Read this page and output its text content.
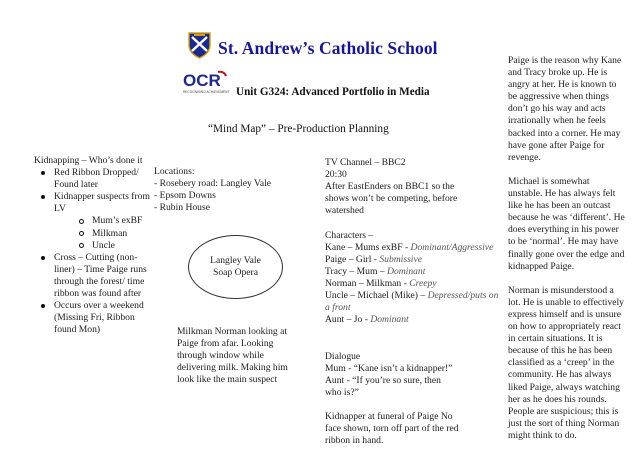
St. Andrew’s Catholic School
OCR
RECOGNISING ACHIEVEMENT Unit G324: Advanced Portfolio in Media
“Mind Map” – Pre-Production Planning
Kidnapping – Who’s done it
Red Ribbon Dropped/ Found later
Kidnapper suspects from LV
Mum’s exBF
Milkman
Uncle
Cross – Cutting (non-liner) – Time Paige runs through the forest/ time ribbon was found after
Occurs over a weekend (Missing Fri, Ribbon found Mon)
Locations:
- Rosebery road: Langley Vale
- Epsom Downs
- Rubin House
Langley Vale
Soap Opera
Milkman Norman looking at Paige from afar. Looking through window while delivering milk. Making him look like the main suspect
TV Channel – BBC2
20:30
After EastEnders on BBC1 so the shows won’t be competing, before watershed
Characters –
Kane – Mums exBF - Dominant/Aggressive
Paige – Girl - Submissive
Tracy – Mum – Dominant
Norman – Milkman - Creepy
Uncle – Michael (Mike) – Depressed/puts on a front
Aunt – Jo - Dominant
Dialogue
Mum - “Kane isn’t a kidnapper!”
Aunt - “If you’re so sure, then who is?”
Kidnapper at funeral of Paige No face shown, torn off part of the red ribbon in hand.
Paige is the reason why Kane and Tracy broke up. He is angry at her. He is known to be aggressive when things don’t go his way and acts irrationally when he feels backed into a corner. He may have gone after Paige for revenge.
Michael is somewhat unstable. He has always felt like he has been an outcast because he was ‘different’. He does everything in his power to be ‘normal’. He may have finally gone over the edge and kidnapped Paige.
Norman is misunderstood a lot. He is unable to effectively express himself and is unsure on how to appropriately react in certain situations. It is because of this he has been classified as a ‘creep’ in the community. He has always liked Paige, always watching her as he does his rounds. People are suspicious; this is just the sort of thing Norman might think to do.
